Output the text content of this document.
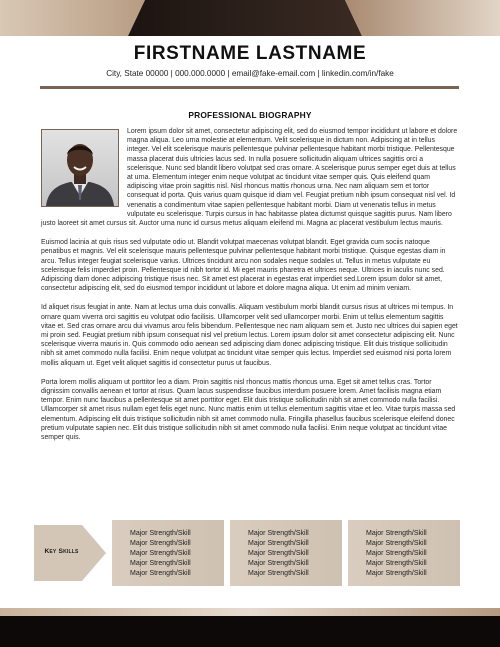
FIRSTNAME LASTNAME
City, State 00000 | 000.000.0000 | email@fake-email.com | linkedin.com/in/fake
PROFESSIONAL BIOGRAPHY

Lorem ipsum dolor sit amet, consectetur adipiscing elit, sed do eiusmod tempor incididunt ut labore et dolore magna aliqua. Leo urna molestie at elementum. Velit scelerisque in dictum non. Adipiscing at in tellus integer. Vel elit scelerisque mauris pellentesque pulvinar pellentesque habitant morbi tristique. Pellentesque massa placerat duis ultricies lacus sed. In nulla posuere sollicitudin aliquam ultrices sagittis orci a scelerisque. Nunc sed blandit libero volutpat sed cras ornare. A scelerisque purus semper eget duis at tellus at urna. Elementum integer enim neque volutpat ac tincidunt vitae semper quis. Quis eleifend quam adipiscing vitae proin sagittis nisl. Nisl rhoncus mattis rhoncus urna. Nec nam aliquam sem et tortor consequat id porta. Quis varius quam quisque id diam vel. Feugiat pretium nibh ipsum consequat nisl vel. Id venenatis a condimentum vitae sapien pellentesque habitant morbi. Diam ut venenatis tellus in metus vulputate eu scelerisque. Turpis cursus in hac habitasse platea dictumst quisque sagittis purus. Nam libero justo laoreet sit amet cursus sit. Auctor urna nunc id cursus metus aliquam eleifend mi. Magna ac placerat vestibulum lectus mauris.

Euismod lacinia at quis risus sed vulputate odio ut. Blandit volutpat maecenas volutpat blandit. Eget gravida cum sociis natoque penatibus et magnis. Vel elit scelerisque mauris pellentesque pulvinar pellentesque habitant morbi tristique. Quisque egestas diam in arcu. Tellus integer feugiat scelerisque varius. Ultrices tincidunt arcu non sodales neque sodales ut. Tellus in metus vulputate eu scelerisque felis imperdiet proin. Pellentesque id nibh tortor id. Mi eget mauris pharetra et ultrices neque. Ultrices in iaculis nunc sed. Adipiscing diam donec adipiscing tristique risus nec. Sit amet est placerat in egestas erat imperdiet sed.Lorem ipsum dolor sit amet, consectetur adipiscing elit, sed do eiusmod tempor incididunt ut labore et dolore magna aliqua. Ut enim ad minim veniam.

Id aliquet risus feugiat in ante. Nam at lectus urna duis convallis. Aliquam vestibulum morbi blandit cursus risus at ultrices mi tempus. In ornare quam viverra orci sagittis eu volutpat odio facilisis. Ullamcorper velit sed ullamcorper morbi. Enim ut tellus elementum sagittis vitae et. Sed cras ornare arcu dui vivamus arcu felis bibendum. Pellentesque nec nam aliquam sem et. Justo nec ultrices dui sapien eget mi proin sed. Feugiat pretium nibh ipsum consequat nisl vel pretium lectus. Lorem ipsum dolor sit amet consectetur adipiscing elit. Nunc scelerisque viverra mauris in. Quis commodo odio aenean sed adipiscing diam donec adipiscing tristique. Elit duis tristique sollicitudin nibh sit amet commodo nulla facilisi. Enim neque volutpat ac tincidunt vitae semper quis lectus. Imperdiet sed euismod nisi porta lorem mollis aliquam ut. Eget velit aliquet sagittis id consectetur purus ut faucibus.

Porta lorem mollis aliquam ut porttitor leo a diam. Proin sagittis nisl rhoncus mattis rhoncus urna. Eget sit amet tellus cras. Tortor dignissim convallis aenean et tortor at risus. Quam lacus suspendisse faucibus interdum posuere lorem. Amet facilisis magna etiam tempor. Enim nunc faucibus a pellentesque sit amet porttitor eget. Elit duis tristique sollicitudin nibh sit amet commodo nulla facilisi. Ullamcorper sit amet risus nullam eget felis eget nunc. Nunc mattis enim ut tellus elementum sagittis vitae et leo. Vitae turpis massa sed elementum. Adipiscing elit duis tristique sollicitudin nibh sit amet commodo nulla. Fringilla phasellus faucibus scelerisque eleifend donec pretium vulputate sapien nec. Elit duis tristique sollicitudin nibh sit amet commodo nulla facilisi. Enim neque volutpat ac tincidunt vitae semper quis.

Key Skills
Major Strength/Skill
Major Strength/Skill
Major Strength/Skill
Major Strength/Skill
Major Strength/Skill
Major Strength/Skill
Major Strength/Skill
Major Strength/Skill
Major Strength/Skill
Major Strength/Skill
Major Strength/Skill
Major Strength/Skill
Major Strength/Skill
Major Strength/Skill
Major Strength/Skill
